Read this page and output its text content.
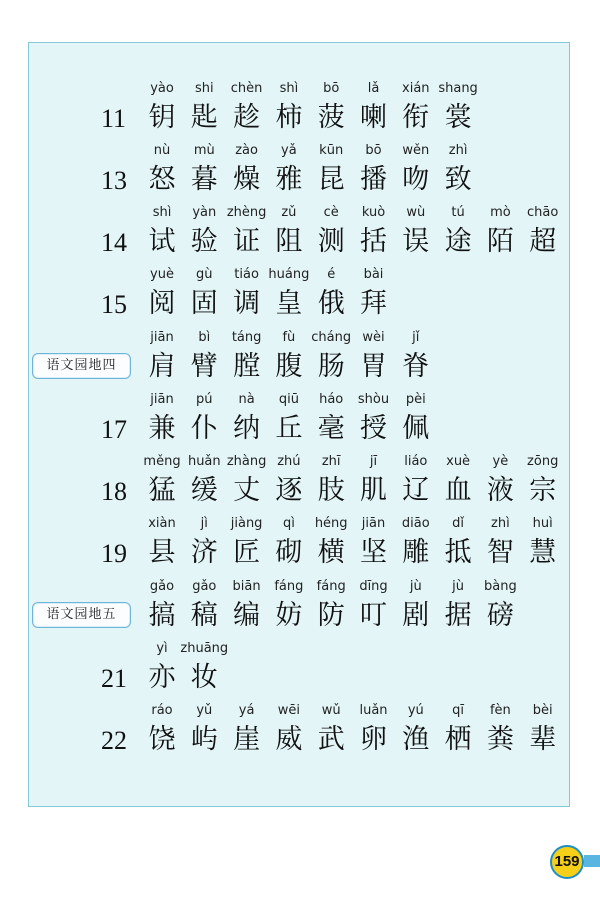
11
yào
钥
shi
匙
chèn
趁
shì
柿
bō
菠
lǎ
喇
xián
衔
shang
裳
13
nù
怒
mù
暮
zào
燥
yǎ
雅
kūn
昆
bō
播
wěn
吻
zhì
致
14
shì
试
yàn
验
zhèng
证
zǔ
阻
cè
测
kuò
括
wù
误
tú
途
mò
陌
chāo
超
15
yuè
阅
gù
固
tiáo
调
huáng
皇
é
俄
bài
拜
语文园地四
jiān
肩
bì
臂
táng
膛
fù
腹
cháng
肠
wèi
胃
jǐ
脊
17
jiān
兼
pú
仆
nà
纳
qiū
丘
háo
毫
shòu
授
pèi
佩
18
měng
猛
huǎn
缓
zhàng
丈
zhú
逐
zhī
肢
jī
肌
liáo
辽
xuè
血
yè
液
zōng
宗
19
xiàn
县
jì
济
jiàng
匠
qì
砌
héng
横
jiān
坚
diāo
雕
dǐ
抵
zhì
智
huì
慧
语文园地五
gǎo
搞
gǎo
稿
biān
编
fáng
妨
fáng
防
dīng
叮
jù
剧
jù
据
bàng
磅
21
yì
亦
zhuāng
妆
22
ráo
饶
yǔ
屿
yá
崖
wēi
威
wǔ
武
luǎn
卵
yú
渔
qī
栖
fèn
粪
bèi
辈
159
